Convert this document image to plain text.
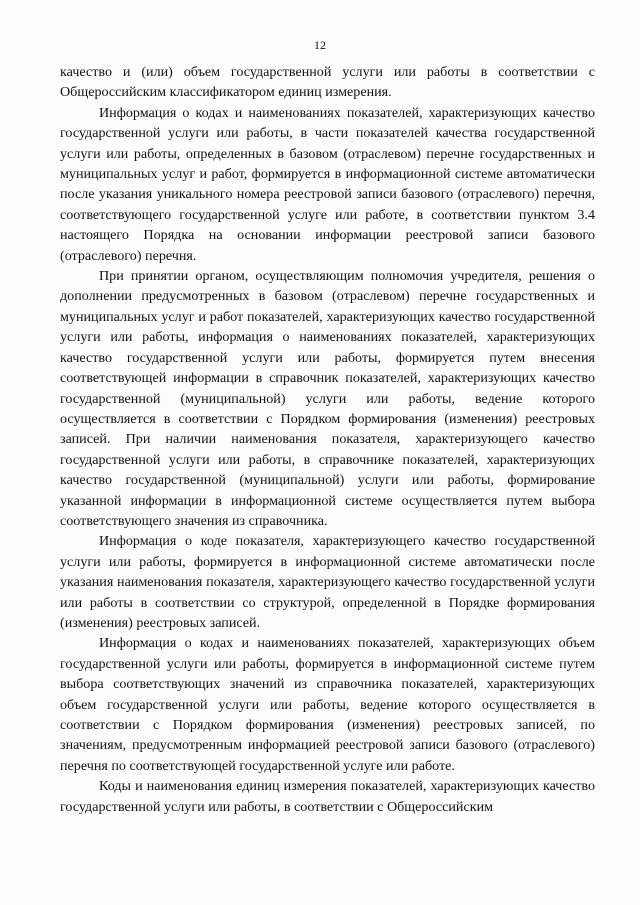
12

качество и (или) объем государственной услуги или работы в соответствии с Общероссийским классификатором единиц измерения.

Информация о кодах и наименованиях показателей, характеризующих качество государственной услуги или работы, в части показателей качества государственной услуги или работы, определенных в базовом (отраслевом) перечне государственных и муниципальных услуг и работ, формируется в информационной системе автоматически после указания уникального номера реестровой записи базового (отраслевого) перечня, соответствующего государственной услуге или работе, в соответствии пунктом 3.4 настоящего Порядка на основании информации реестровой записи базового (отраслевого) перечня.

При принятии органом, осуществляющим полномочия учредителя, решения о дополнении предусмотренных в базовом (отраслевом) перечне государственных и муниципальных услуг и работ показателей, характеризующих качество государственной услуги или работы, информация о наименованиях показателей, характеризующих качество государственной услуги или работы, формируется путем внесения соответствующей информации в справочник показателей, характеризующих качество государственной (муниципальной) услуги или работы, ведение которого осуществляется в соответствии с Порядком формирования (изменения) реестровых записей. При наличии наименования показателя, характеризующего качество государственной услуги или работы, в справочнике показателей, характеризующих качество государственной (муниципальной) услуги или работы, формирование указанной информации в информационной системе осуществляется путем выбора соответствующего значения из справочника.

Информация о коде показателя, характеризующего качество государственной услуги или работы, формируется в информационной системе автоматически после указания наименования показателя, характеризующего качество государственной услуги или работы в соответствии со структурой, определенной в Порядке формирования (изменения) реестровых записей.

Информация о кодах и наименованиях показателей, характеризующих объем государственной услуги или работы, формируется в информационной системе путем выбора соответствующих значений из справочника показателей, характеризующих объем государственной услуги или работы, ведение которого осуществляется в соответствии с Порядком формирования (изменения) реестровых записей, по значениям, предусмотренным информацией реестровой записи базового (отраслевого) перечня по соответствующей государственной услуге или работе.

Коды и наименования единиц измерения показателей, характеризующих качество государственной услуги или работы, в соответствии с Общероссийским
